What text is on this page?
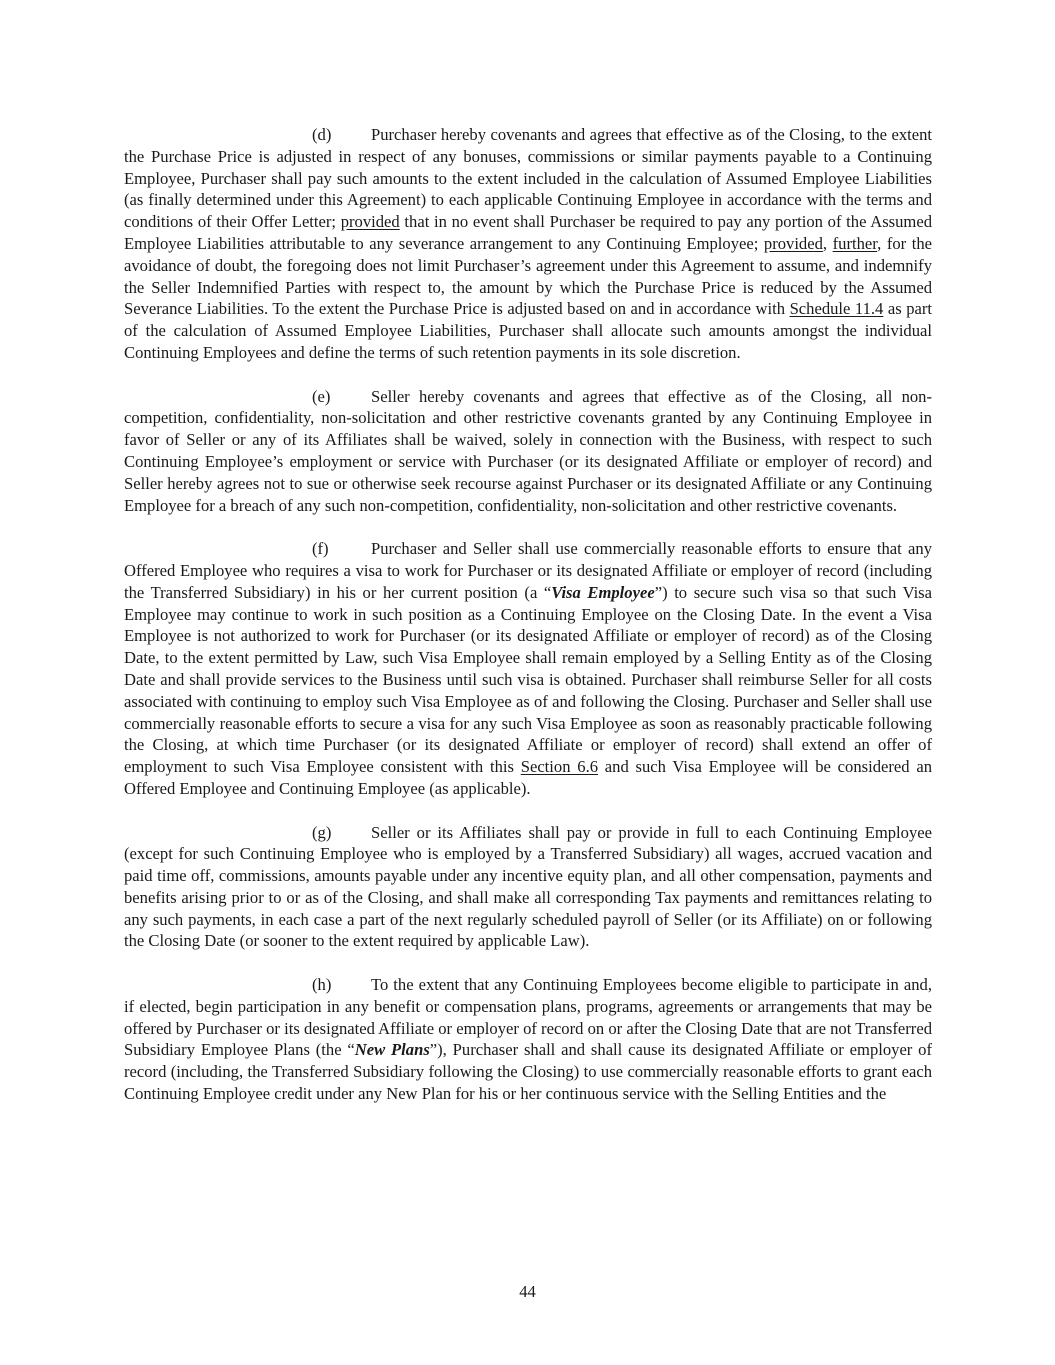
(d) Purchaser hereby covenants and agrees that effective as of the Closing, to the extent the Purchase Price is adjusted in respect of any bonuses, commissions or similar payments payable to a Continuing Employee, Purchaser shall pay such amounts to the extent included in the calculation of Assumed Employee Liabilities (as finally determined under this Agreement) to each applicable Continuing Employee in accordance with the terms and conditions of their Offer Letter; provided that in no event shall Purchaser be required to pay any portion of the Assumed Employee Liabilities attributable to any severance arrangement to any Continuing Employee; provided, further, for the avoidance of doubt, the foregoing does not limit Purchaser’s agreement under this Agreement to assume, and indemnify the Seller Indemnified Parties with respect to, the amount by which the Purchase Price is reduced by the Assumed Severance Liabilities. To the extent the Purchase Price is adjusted based on and in accordance with Schedule 11.4 as part of the calculation of Assumed Employee Liabilities, Purchaser shall allocate such amounts amongst the individual Continuing Employees and define the terms of such retention payments in its sole discretion.

(e) Seller hereby covenants and agrees that effective as of the Closing, all non-competition, confidentiality, non-solicitation and other restrictive covenants granted by any Continuing Employee in favor of Seller or any of its Affiliates shall be waived, solely in connection with the Business, with respect to such Continuing Employee’s employment or service with Purchaser (or its designated Affiliate or employer of record) and Seller hereby agrees not to sue or otherwise seek recourse against Purchaser or its designated Affiliate or any Continuing Employee for a breach of any such non-competition, confidentiality, non-solicitation and other restrictive covenants.

(f)	Purchaser and Seller shall use commercially reasonable efforts to ensure that any Offered Employee who requires a visa to work for Purchaser or its designated Affiliate or employer of record (including the Transferred Subsidiary) in his or her current position (a “Visa Employee”) to secure such visa so that such Visa Employee may continue to work in such position as a Continuing Employee on the Closing Date. In the event a Visa Employee is not authorized to work for Purchaser (or its designated Affiliate or employer of record) as of the Closing Date, to the extent permitted by Law, such Visa Employee shall remain employed by a Selling Entity as of the Closing Date and shall provide services to the Business until such visa is obtained. Purchaser shall reimburse Seller for all costs associated with continuing to employ such Visa Employee as of and following the Closing. Purchaser and Seller shall use commercially reasonable efforts to secure a visa for any such Visa Employee as soon as reasonably practicable following the Closing, at which time Purchaser (or its designated Affiliate or employer of record) shall extend an offer of employment to such Visa Employee consistent with this Section 6.6 and such Visa Employee will be considered an Offered Employee and Continuing Employee (as applicable).

(g) Seller or its Affiliates shall pay or provide in full to each Continuing Employee (except for such Continuing Employee who is employed by a Transferred Subsidiary) all wages, accrued vacation and paid time off, commissions, amounts payable under any incentive equity plan, and all other compensation, payments and benefits arising prior to or as of the Closing, and shall make all corresponding Tax payments and remittances relating to any such payments, in each case a part of the next regularly scheduled payroll of Seller (or its Affiliate) on or following the Closing Date (or sooner to the extent required by applicable Law).

(h) To the extent that any Continuing Employees become eligible to participate in and, if elected, begin participation in any benefit or compensation plans, programs, agreements or arrangements that may be offered by Purchaser or its designated Affiliate or employer of record on or after the Closing Date that are not Transferred Subsidiary Employee Plans (the “New Plans”), Purchaser shall and shall cause its designated Affiliate or employer of record (including, the Transferred Subsidiary following the Closing) to use commercially reasonable efforts to grant each Continuing Employee credit under any New Plan for his or her continuous service with the Selling Entities and the

44
